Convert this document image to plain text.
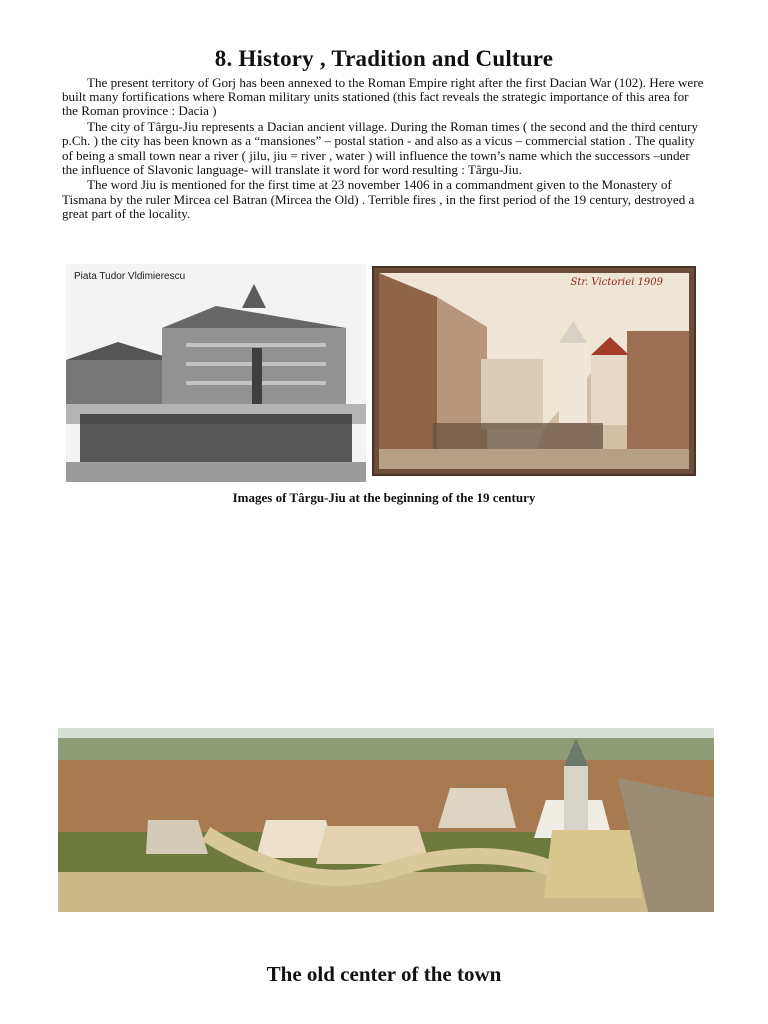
8. History , Tradition and Culture

The present territory of Gorj has been annexed to the Roman Empire right after the first Dacian War (102). Here were built many fortifications where Roman military units stationed (this fact reveals the strategic importance of this area for the Roman province : Dacia )

The city of Târgu-Jiu represents a Dacian ancient village. During the Roman times ( the second and the third century p.Ch. ) the city has been known as a “mansiones” – postal station - and also as a vicus – commercial station . The quality of being a small town near a river ( jilu, jiu = river , water ) will influence the town’s name which the successors –under the influence of Slavonic language- will translate it word for word resulting : Târgu-Jiu.

The word Jiu is mentioned for the first time at 23 november 1406 in a commandment given to the Monastery of Tismana by the ruler Mircea cel Batran (Mircea the Old) . Terrible fires , in the first period of the 19 century, destroyed a great part of the locality.

Piata Tudor Vldimierescu
Str. Victoriei 1909
Images of Târgu-Jiu at the beginning of the 19 century
The old center of the town
